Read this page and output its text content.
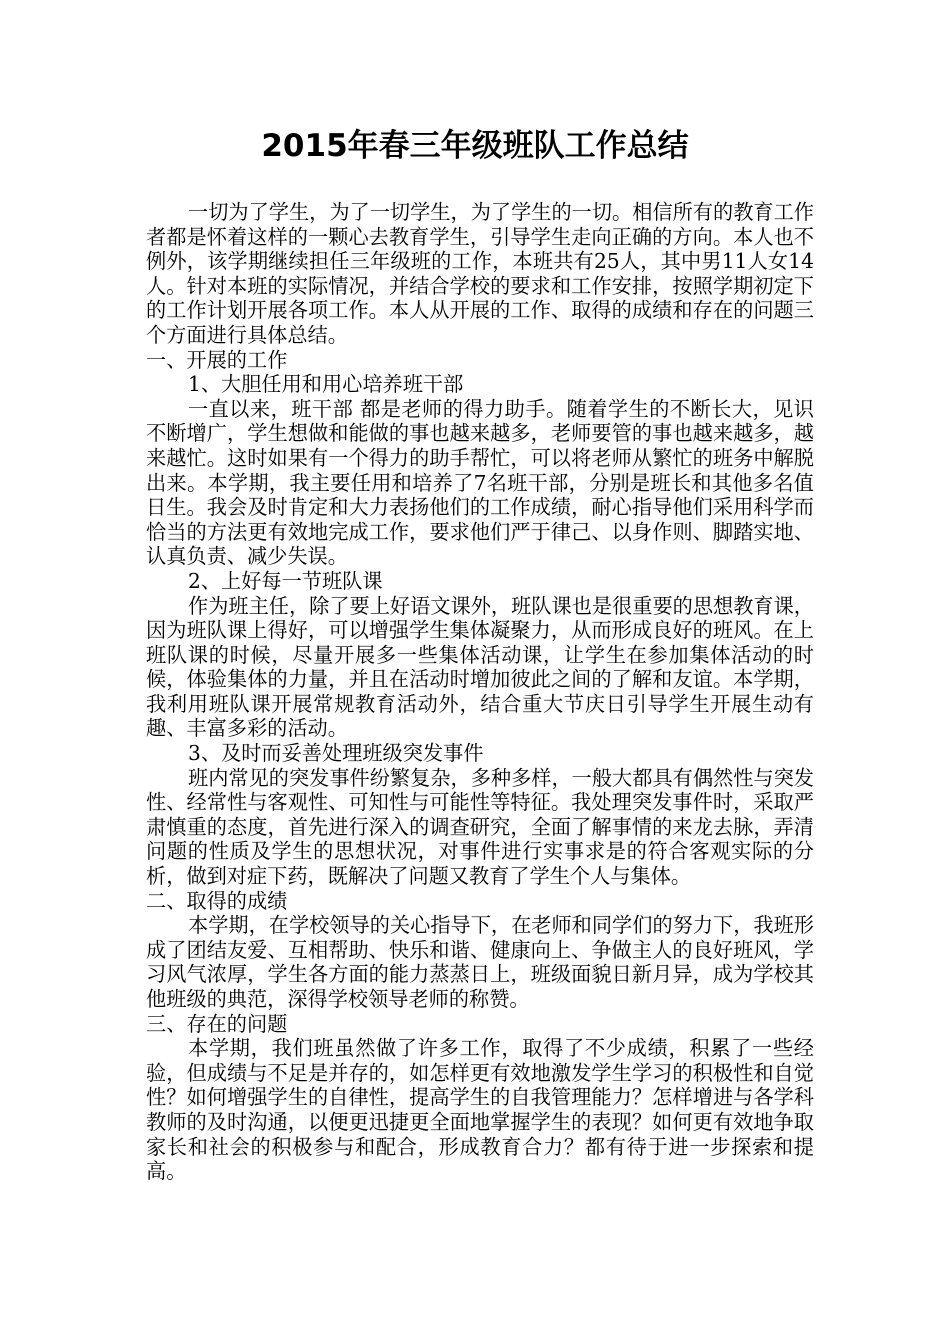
2015年春三年级班队工作总结

一切为了学生，为了一切学生，为了学生的一切。相信所有的教育工作者都是怀着这样的一颗心去教育学生，引导学生走向正确的方向。本人也不例外，该学期继续担任三年级班的工作，本班共有25人，其中男11人女14人。针对本班的实际情况，并结合学校的要求和工作安排，按照学期初定下的工作计划开展各项工作。本人从开展的工作、取得的成绩和存在的问题三个方面进行具体总结。

一、开展的工作

1、大胆任用和用心培养班干部

一直以来，班干部 都是老师的得力助手。随着学生的不断长大，见识不断增广，学生想做和能做的事也越来越多，老师要管的事也越来越多，越来越忙。这时如果有一个得力的助手帮忙，可以将老师从繁忙的班务中解脱出来。本学期，我主要任用和培养了7名班干部，分别是班长和其他多名值日生。我会及时肯定和大力表扬他们的工作成绩，耐心指导他们采用科学而恰当的方法更有效地完成工作，要求他们严于律己、以身作则、脚踏实地、认真负责、减少失误。

2、上好每一节班队课

作为班主任，除了要上好语文课外，班队课也是很重要的思想教育课，因为班队课上得好，可以增强学生集体凝聚力，从而形成良好的班风。在上班队课的时候，尽量开展多一些集体活动课，让学生在参加集体活动的时候，体验集体的力量，并且在活动时增加彼此之间的了解和友谊。本学期，我利用班队课开展常规教育活动外，结合重大节庆日引导学生开展生动有趣、丰富多彩的活动。

3、及时而妥善处理班级突发事件

班内常见的突发事件纷繁复杂，多种多样，一般大都具有偶然性与突发性、经常性与客观性、可知性与可能性等特征。我处理突发事件时，采取严肃慎重的态度，首先进行深入的调查研究，全面了解事情的来龙去脉，弄清问题的性质及学生的思想状况，对事件进行实事求是的符合客观实际的分析，做到对症下药，既解决了问题又教育了学生个人与集体。

二、取得的成绩

本学期，在学校领导的关心指导下，在老师和同学们的努力下，我班形成了团结友爱、互相帮助、快乐和谐、健康向上、争做主人的良好班风，学习风气浓厚，学生各方面的能力蒸蒸日上，班级面貌日新月异，成为学校其他班级的典范，深得学校领导老师的称赞。

三、存在的问题

本学期，我们班虽然做了许多工作，取得了不少成绩，积累了一些经验，但成绩与不足是并存的，如怎样更有效地激发学生学习的积极性和自觉性？如何增强学生的自律性，提高学生的自我管理能力？怎样增进与各学科教师的及时沟通，以便更迅捷更全面地掌握学生的表现？如何更有效地争取家长和社会的积极参与和配合，形成教育合力？都有待于进一步探索和提高。
